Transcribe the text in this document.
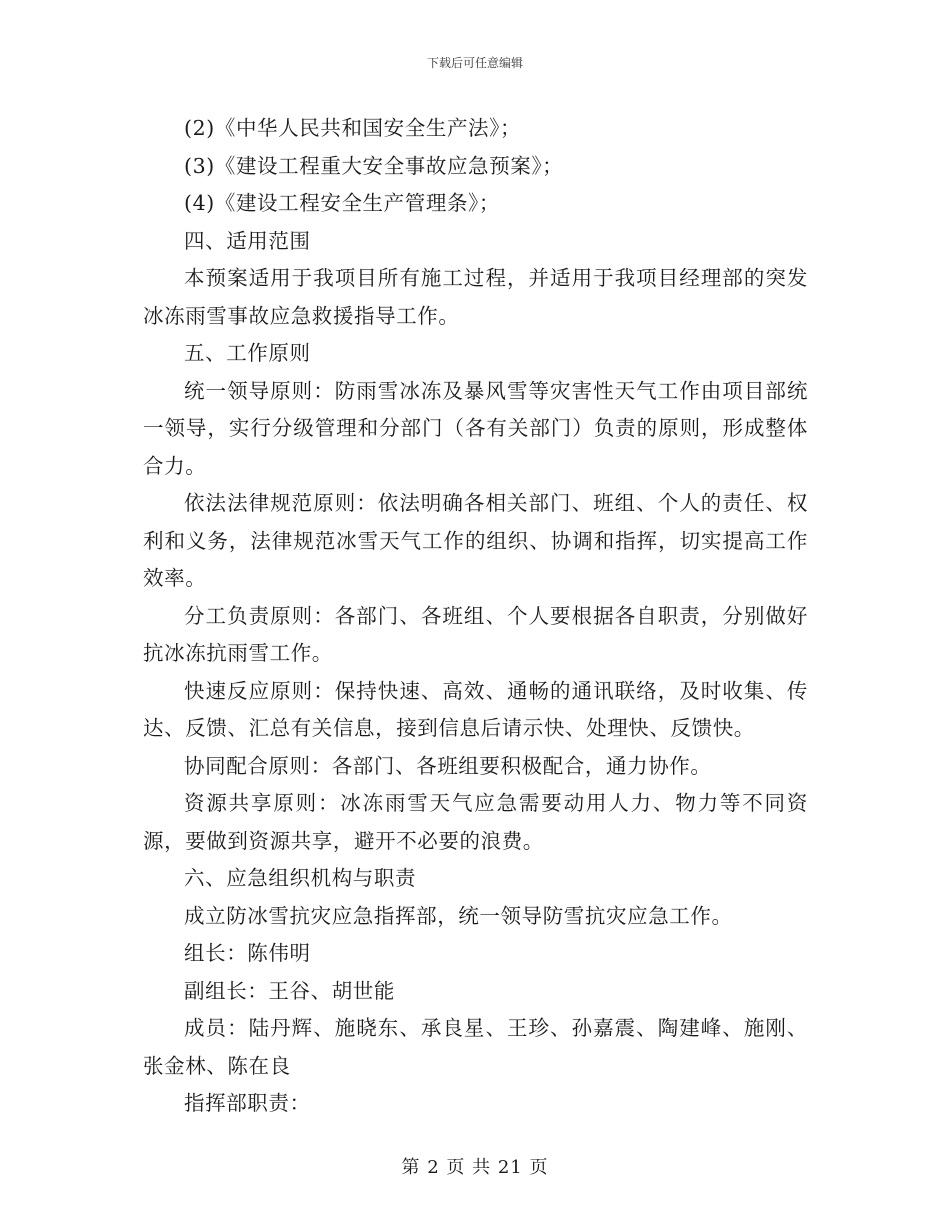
下载后可任意编辑

(2)《中华人民共和国安全生产法》；

(3)《建设工程重大安全事故应急预案》；

(4)《建设工程安全生产管理条》；

四、适用范围

本预案适用于我项目所有施工过程，并适用于我项目经理部的突发冰冻雨雪事故应急救援指导工作。

五、工作原则

统一领导原则：防雨雪冰冻及暴风雪等灾害性天气工作由项目部统一领导，实行分级管理和分部门（各有关部门）负责的原则，形成整体合力。

依法法律规范原则：依法明确各相关部门、班组、个人的责任、权利和义务，法律规范冰雪天气工作的组织、协调和指挥，切实提高工作效率。

分工负责原则：各部门、各班组、个人要根据各自职责，分别做好抗冰冻抗雨雪工作。

快速反应原则：保持快速、高效、通畅的通讯联络，及时收集、传达、反馈、汇总有关信息，接到信息后请示快、处理快、反馈快。

协同配合原则：各部门、各班组要积极配合，通力协作。

资源共享原则：冰冻雨雪天气应急需要动用人力、物力等不同资源，要做到资源共享，避开不必要的浪费。

六、应急组织机构与职责

成立防冰雪抗灾应急指挥部，统一领导防雪抗灾应急工作。

组长：陈伟明

副组长：王谷、胡世能

成员：陆丹辉、施晓东、承良星、王珍、孙嘉震、陶建峰、施刚、张金林、陈在良

指挥部职责：

第 2 页 共 21 页
